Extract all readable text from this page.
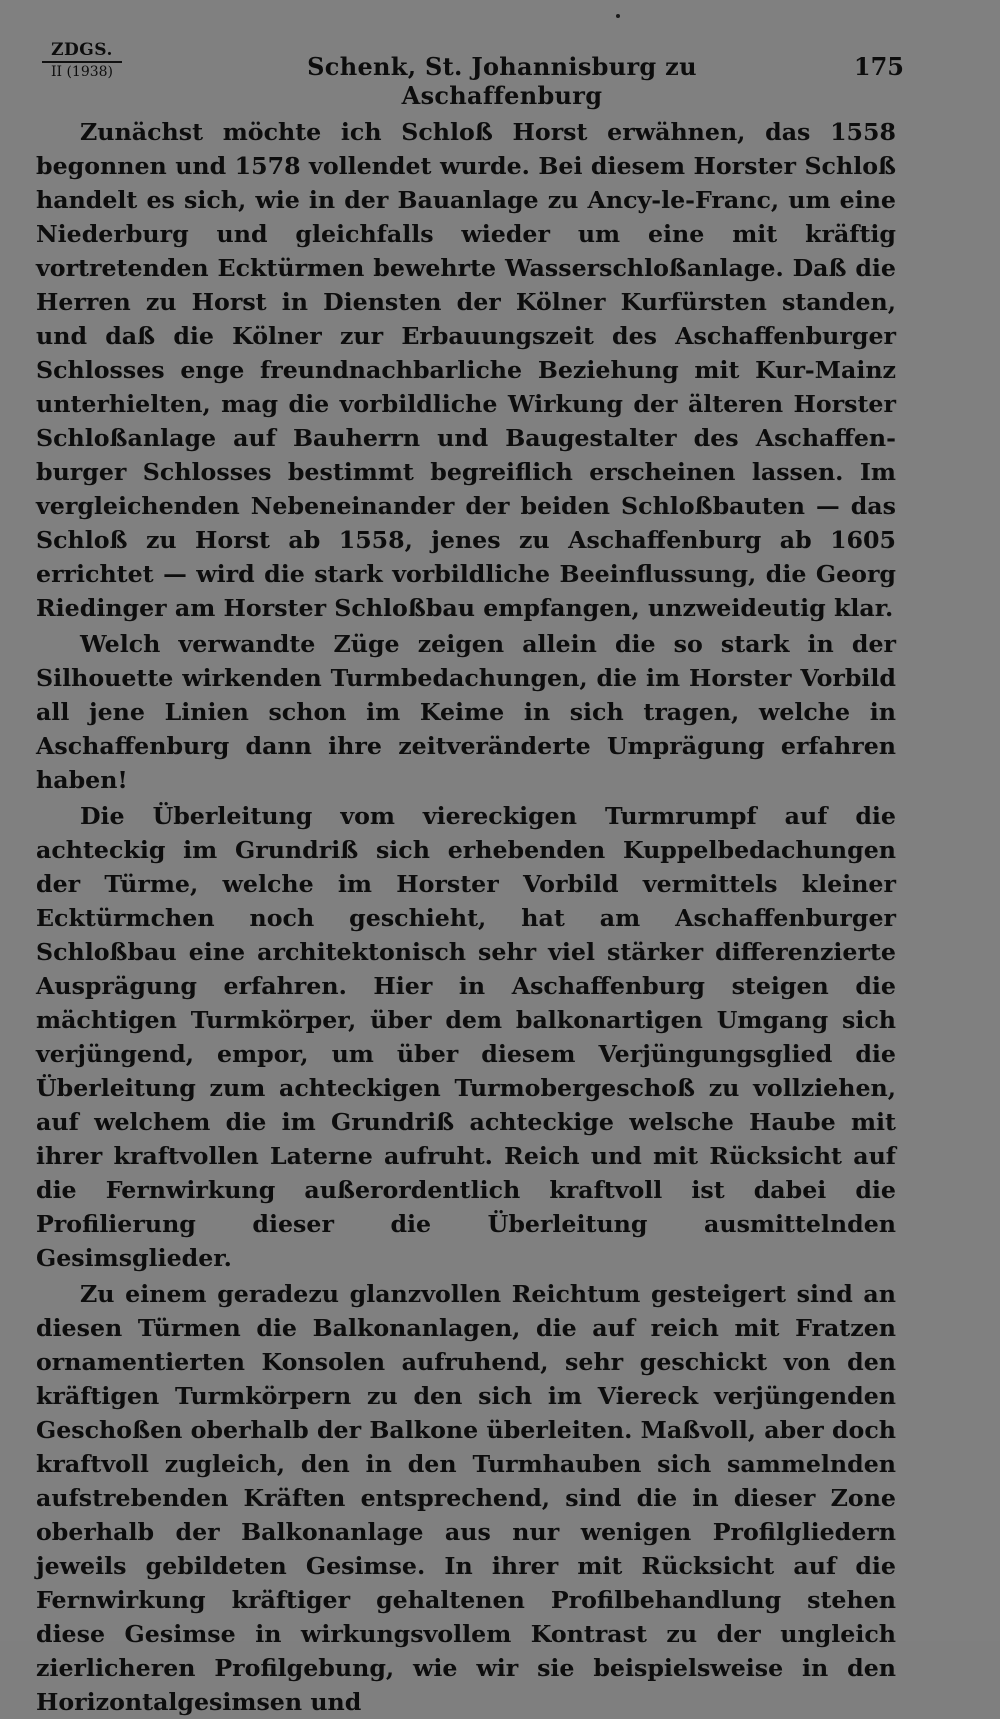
ZDGS.
II (1938)	Schenk, St. Johannisburg zu Aschaffenburg
175

Zunächst möchte ich Schloß Horst erwähnen, das 1558 begonnen und 1578 vollendet wurde. Bei diesem Horster Schloß handelt es sich, wie in der Bauanlage zu Ancy-le-Franc, um eine Niederburg und gleichfalls wieder um eine mit kräftig vortretenden Ecktürmen bewehrte Wasserschloßanlage. Daß die Herren zu Horst in Diensten der Kölner Kurfürsten standen, und daß die Kölner zur Erbauungszeit des Aschaffenburger Schlosses enge freundnachbarliche Beziehung mit Kur-Mainz unterhielten, mag die vorbildliche Wirkung der älteren Horster Schloßanlage auf Bauherrn und Baugestalter des Aschaffenburger Schlosses bestimmt begreiflich erscheinen lassen. Im vergleichenden Nebeneinander der beiden Schloßbauten — das Schloß zu Horst ab 1558, jenes zu Aschaffenburg ab 1605 errichtet — wird die stark vorbildliche Beeinflussung, die Georg Riedinger am Horster Schloßbau empfangen, unzweideutig klar.

Welch verwandte Züge zeigen allein die so stark in der Silhouette wirkenden Turmbedachungen, die im Horster Vorbild all jene Linien schon im Keime in sich tragen, welche in Aschaffenburg dann ihre zeitveränderte Umprägung erfahren haben!

Die Überleitung vom viereckigen Turmrumpf auf die achteckig im Grundriß sich erhebenden Kuppelbedachungen der Türme, welche im Horster Vorbild vermittels kleiner Ecktürmchen noch geschieht, hat am Aschaffenburger Schloßbau eine architektonisch sehr viel stärker differenzierte Ausprägung erfahren. Hier in Aschaffenburg steigen die mächtigen Turmkörper, über dem balkonartigen Umgang sich verjüngend, empor, um über diesem Verjüngungsglied die Überleitung zum achteckigen Turmobergeschoß zu vollziehen, auf welchem die im Grundriß achteckige welsche Haube mit ihrer kraftvollen Laterne aufruht. Reich und mit Rücksicht auf die Fernwirkung außerordentlich kraftvoll ist dabei die Profilierung dieser die Überleitung ausmittelnden Gesimsglieder.

Zu einem geradezu glanzvollen Reichtum gesteigert sind an diesen Türmen die Balkonanlagen, die auf reich mit Fratzen ornamentierten Konsolen aufruhend, sehr geschickt von den kräftigen Turmkörpern zu den sich im Viereck verjüngenden Geschoßen oberhalb der Balkone überleiten. Maßvoll, aber doch kraftvoll zugleich, den in den Turmhauben sich sammelnden aufstrebenden Kräften entsprechend, sind die in dieser Zone oberhalb der Balkonanlage aus nur wenigen Profilgliedern jeweils gebildeten Gesimse. In ihrer mit Rücksicht auf die Fernwirkung kräftiger gehaltenen Profilbehandlung stehen diese Gesimse in wirkungsvollem Kontrast zu der ungleich zierlicheren Profilgebung, wie wir sie beispielsweise in den Horizontalgesimsen und
